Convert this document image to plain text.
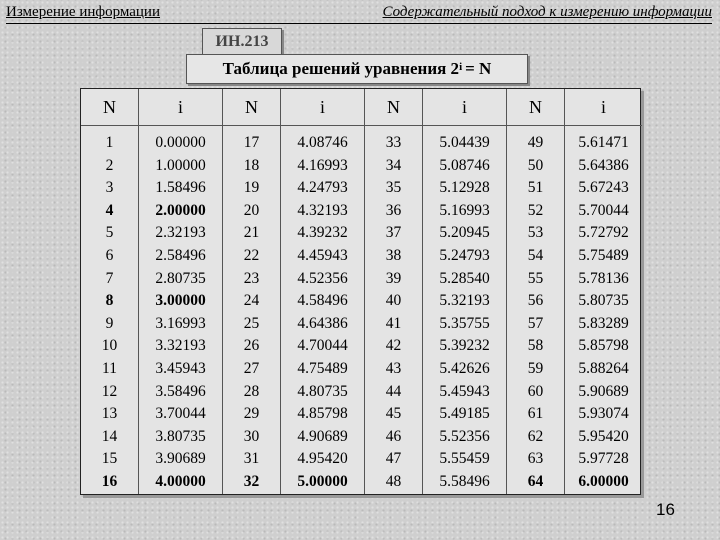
Измерение информации	Содержательный подход к измерению информации
ИН.213
Таблица решений уравнения $2^i = N$
N
1
2
3
4
5
6
7
8
9
10
11
12
13
14
15
16
i
0.00000
1.00000
1.58496
2.00000
2.32193
2.58496
2.80735
3.00000
3.16993
3.32193
3.45943
3.58496
3.70044
3.80735
3.90689
4.00000
N
17
18
19
20
21
22
23
24
25
26
27
28
29
30
31
32
i
4.08746
4.16993
4.24793
4.32193
4.39232
4.45943
4.52356
4.58496
4.64386
4.70044
4.75489
4.80735
4.85798
4.90689
4.95420
5.00000
N
33
34
35
36
37
38
39
40
41
42
43
44
45
46
47
48
i
5.04439
5.08746
5.12928
5.16993
5.20945
5.24793
5.28540
5.32193
5.35755
5.39232
5.42626
5.45943
5.49185
5.52356
5.55459
5.58496
N
49
50
51
52
53
54
55
56
57
58
59
60
61
62
63
64
i
5.61471
5.64386
5.67243
5.70044
5.72792
5.75489
5.78136
5.80735
5.83289
5.85798
5.88264
5.90689
5.93074
5.95420
5.97728
6.00000
16
